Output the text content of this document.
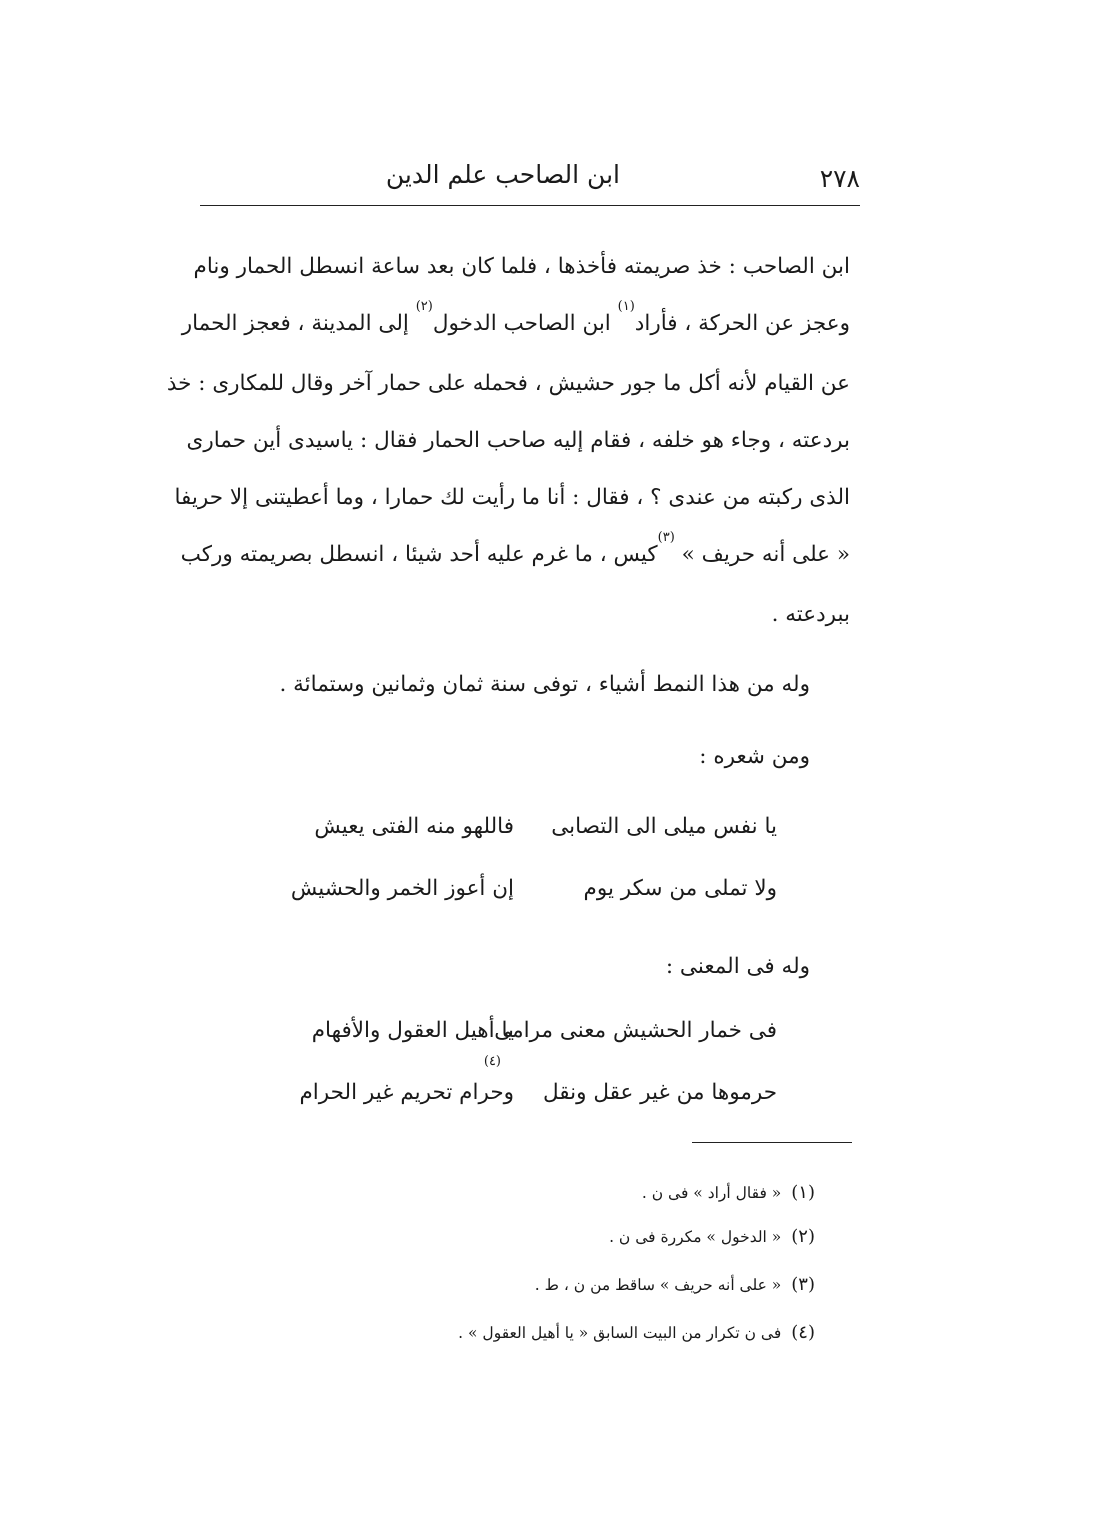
٢٧٨
ابن الصاحب علم الدين
ابن الصاحب : خذ صريمته فأخذها ، فلما كان بعد ساعة انسطل الحمار ونام
وعجز عن الحركة ، فأراد$^{(١)}$ ابن الصاحب الدخول$^{(٢)}$ إلى المدينة ، فعجز الحمار
عن القيام لأنه أكل ما جور حشيش ، فحمله على حمار آخر وقال للمكارى : خذ
بردعته ، وجاء هو خلفه ، فقام إليه صاحب الحمار فقال : ياسيدى أين حمارى
الذى ركبته من عندى ؟ ، فقال : أنا ما رأيت لك حمارا ، وما أعطيتنى إلا حريفا
« على أنه حريف » $^{(٣)}$كيس ، ما غرم عليه أحد شيئا ، انسطل بصريمته وركب
ببردعته .
وله من هذا النمط أشياء ، توفى سنة ثمان وثمانين وستمائة .
ومن شعره :
يا نفس ميلى الى التصابى
فاللهو منه الفتى يعيش
ولا تملى من سكر يوم
إن أعوز الخمر والحشيش
وله فى المعنى :
فى خمار الحشيش معنى مرامى
يا أهيل العقول والأفهام
(٤)
حرموها من غير عقل ونقل
وحرام تحريم غير الحرام
(١)« فقال أراد » فى ن .
(٢)« الدخول » مكررة فى ن .
(٣)« على أنه حريف » ساقط من ن ، ط .
(٤)فى ن تكرار من البيت السابق « يا أهيل العقول » .
